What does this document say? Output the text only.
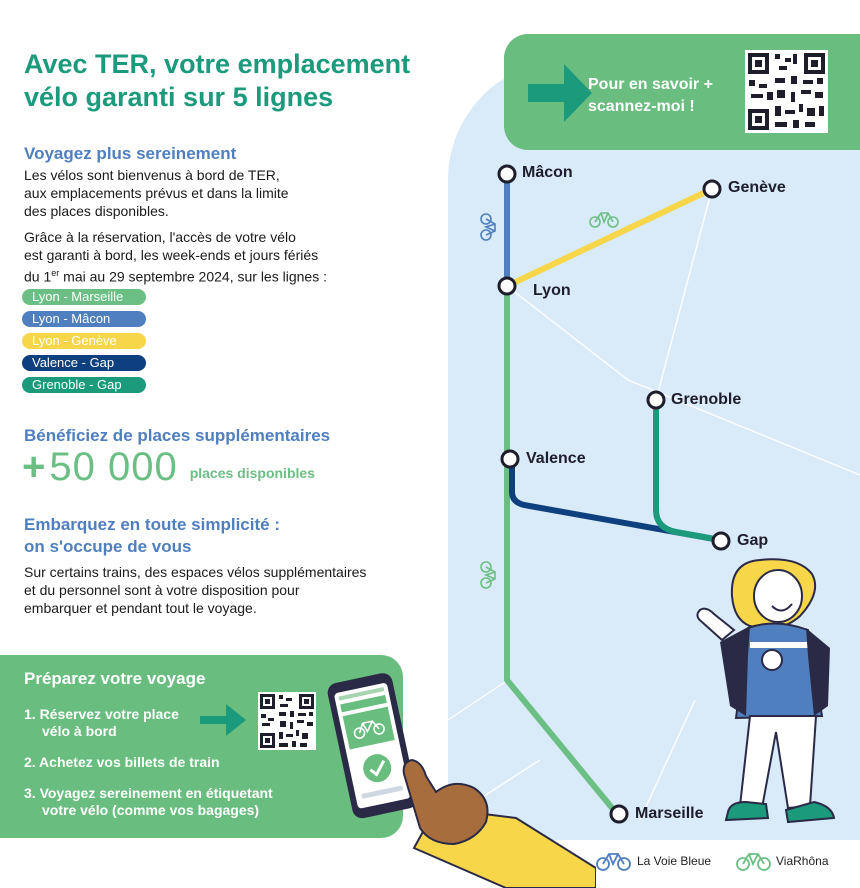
Avec TER, votre emplacement
vélo garanti sur 5 lignes
Voyagez plus sereinement
Les vélos sont bienvenus à bord de TER,
aux emplacements prévus et dans la limite
des places disponibles.
Grâce à la réservation, l'accès de votre vélo
est garanti à bord, les week-ends et jours fériés
du 1er mai au 29 septembre 2024, sur les lignes :
Lyon - Marseille
Lyon - Mâcon
Lyon - Genève
Valence - Gap
Grenoble - Gap
Bénéficiez de places supplémentaires
+ 50 000 places disponibles
Embarquez en toute simplicité :
on s'occupe de vous
Sur certains trains, des espaces vélos supplémentaires
et du personnel sont à votre disposition pour
embarquer et pendant tout le voyage.
Mâcon
Genève
Lyon
Grenoble
Valence
Gap
Marseille
Pour en savoir +
scannez-moi !
Préparez votre voyage
1. Réservez votre place
vélo à bord
2. Achetez vos billets de train
3. Voyagez sereinement en étiquetant
votre vélo (comme vos bagages)
La Voie Bleue	ViaRhôna
